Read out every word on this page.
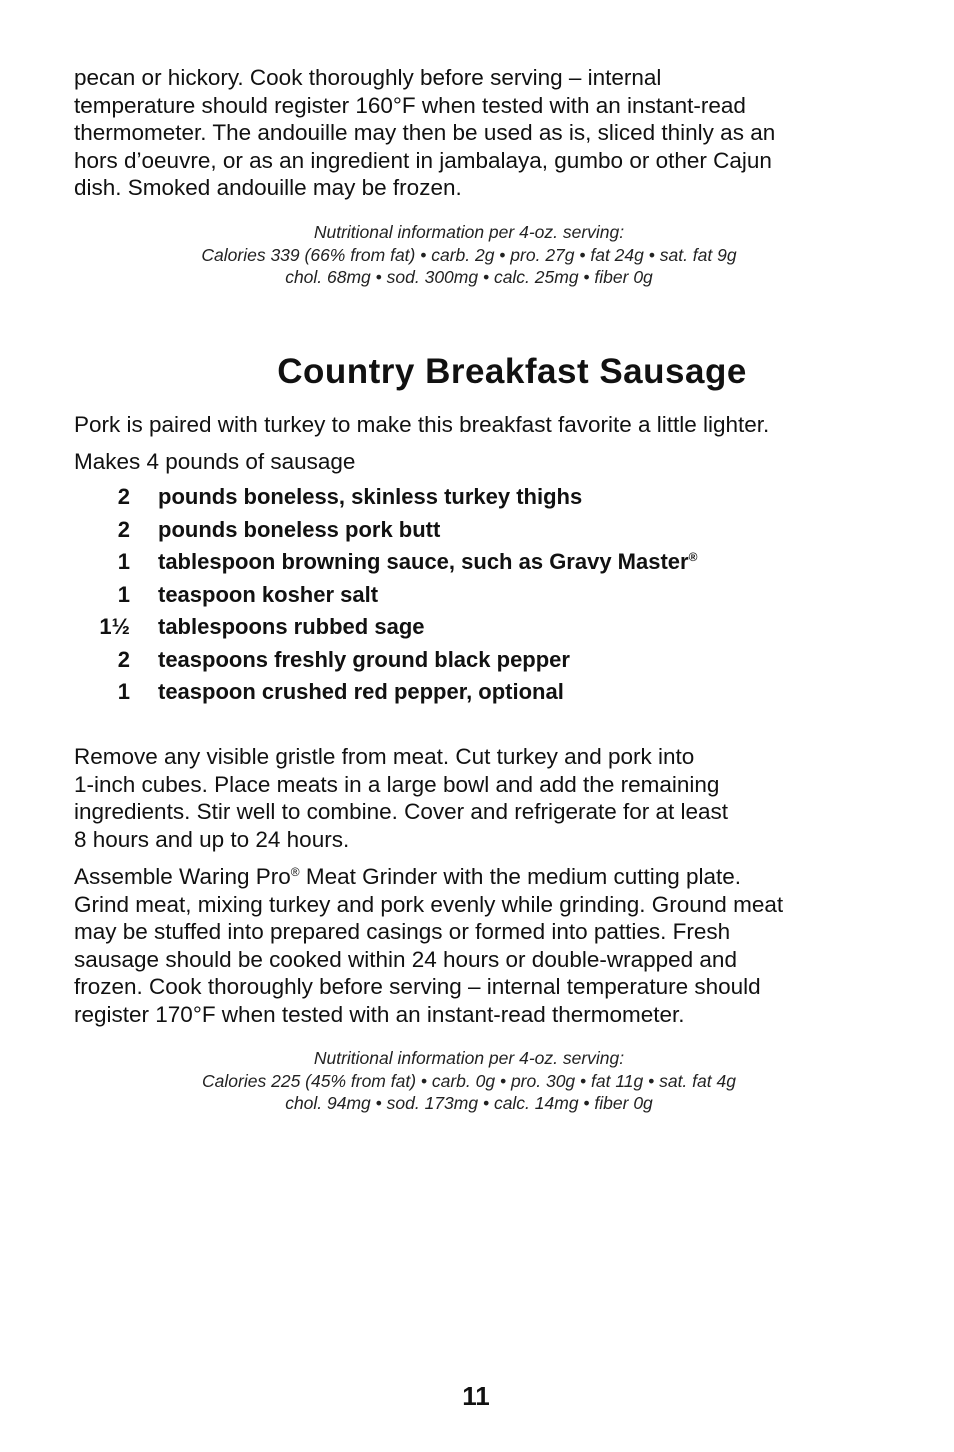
pecan or hickory. Cook thoroughly before serving – internal
temperature should register 160°F when tested with an instant-read
thermometer. The andouille may then be used as is, sliced thinly as an
hors d’oeuvre, or as an ingredient in jambalaya, gumbo or other Cajun
dish. Smoked andouille may be frozen.

Nutritional information per 4-oz. serving:
Calories 339 (66% from fat) • carb. 2g • pro. 27g • fat 24g • sat. fat 9g
chol. 68mg • sod. 300mg • calc. 25mg • fiber 0g
Country Breakfast Sausage

Pork is paired with turkey to make this breakfast favorite a little lighter.

Makes 4 pounds of sausage

2	pounds boneless, skinless turkey thighs
2	pounds boneless pork butt
1	tablespoon browning sauce, such as Gravy Master®
1	teaspoon kosher salt
1½	tablespoons rubbed sage
2	teaspoons freshly ground black pepper
1	teaspoon crushed red pepper, optional

Remove any visible gristle from meat. Cut turkey and pork into
1-inch cubes. Place meats in a large bowl and add the remaining
ingredients. Stir well to combine. Cover and refrigerate for at least
8 hours and up to 24 hours.

Assemble Waring Pro® Meat Grinder with the medium cutting plate.
Grind meat, mixing turkey and pork evenly while grinding. Ground meat
may be stuffed into prepared casings or formed into patties. Fresh
sausage should be cooked within 24 hours or double-wrapped and
frozen. Cook thoroughly before serving – internal temperature should
register 170°F when tested with an instant-read thermometer.

Nutritional information per 4-oz. serving:
Calories 225 (45% from fat) • carb. 0g • pro. 30g • fat 11g • sat. fat 4g
chol. 94mg • sod. 173mg • calc. 14mg • fiber 0g
11
